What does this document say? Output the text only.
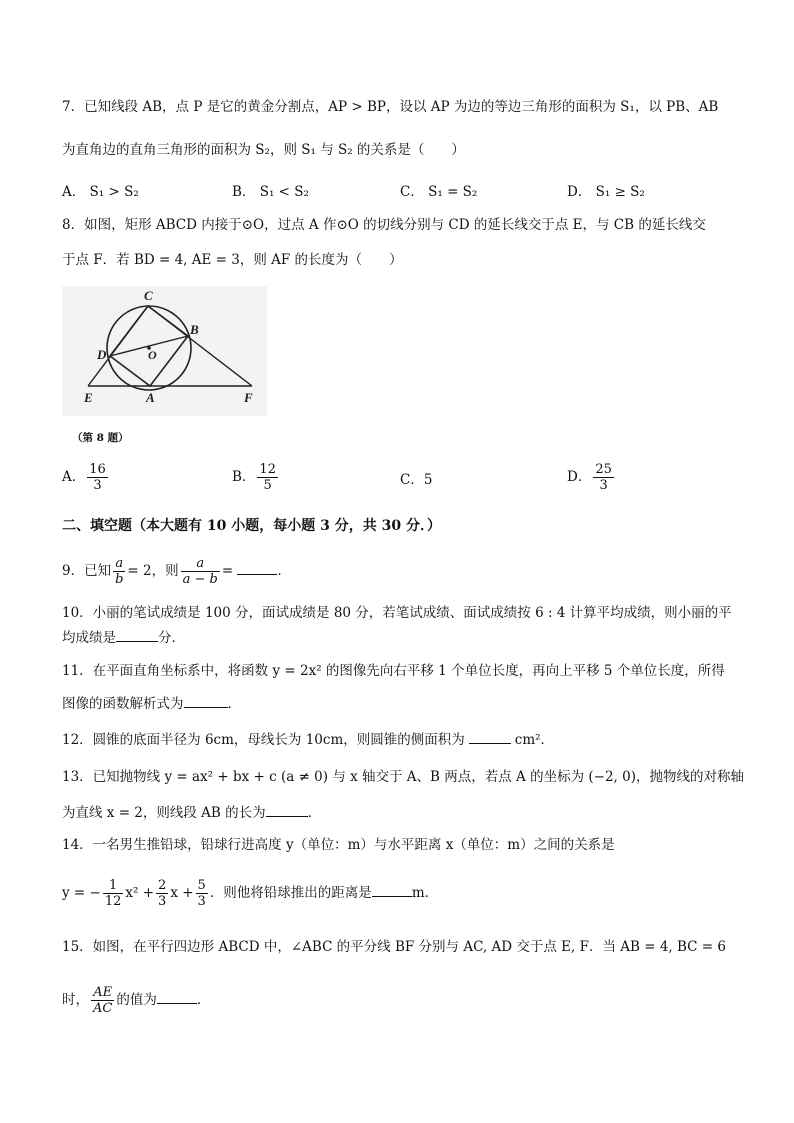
7．已知线段 AB，点 P 是它的黄金分割点，AP > BP，设以 AP 为边的等边三角形的面积为 S₁，以 PB、AB
为直角边的直角三角形的面积为 S₂，则 S₁ 与 S₂ 的关系是（　　）
A． S₁ > S₂	B． S₁ < S₂	C． S₁ = S₂	D． S₁ ≥ S₂
8．如图，矩形 ABCD 内接于⊙O，过点 A 作⊙O 的切线分别与 CD 的延长线交于点 E，与 CB 的延长线交
于点 F．若 BD = 4, AE = 3，则 AF 的长度为（　　）
C
B
D	O
E	A	F
（第 8 题）
A． $\frac{16}{3}$	B． $\frac{12}{5}$	C．5	D． $\frac{25}{3}$
二、填空题（本大题有 10 小题，每小题 3 分，共 30 分．）
9．已知 $\frac{a}{b} = 2$，则 $\frac{a}{a - b}$ =	．
10．小丽的笔试成绩是 100 分，面试成绩是 80 分，若笔试成绩、面试成绩按 6 : 4 计算平均成绩，则小丽的平
均成绩是	分．
11．在平面直角坐标系中，将函数 y = 2x² 的图像先向右平移 1 个单位长度，再向上平移 5 个单位长度，所得
图像的函数解析式为	．
12．圆锥的底面半径为 6cm，母线长为 10cm，则圆锥的侧面积为	cm²．
13．已知抛物线 y = ax² + bx + c (a ≠ 0) 与 x 轴交于 A、B 两点，若点 A 的坐标为 (−2, 0)，抛物线的对称轴
为直线 x = 2，则线段 AB 的长为	．
14．一名男生推铅球，铅球行进高度 y（单位：m）与水平距离 x（单位：m）之间的关系是
y = − $\frac{1}{12} x^2 + \frac{2}{3}$ $x + \frac{5}{3}$ ．则他将铅球推出的距离是	m．
15．如图，在平行四边形 ABCD 中，∠ABC 的平分线 BF 分别与 AC, AD 交于点 E, F．当 AB = 4, BC = 6
时， $\frac{AE}{AC}$ 的值为	．
